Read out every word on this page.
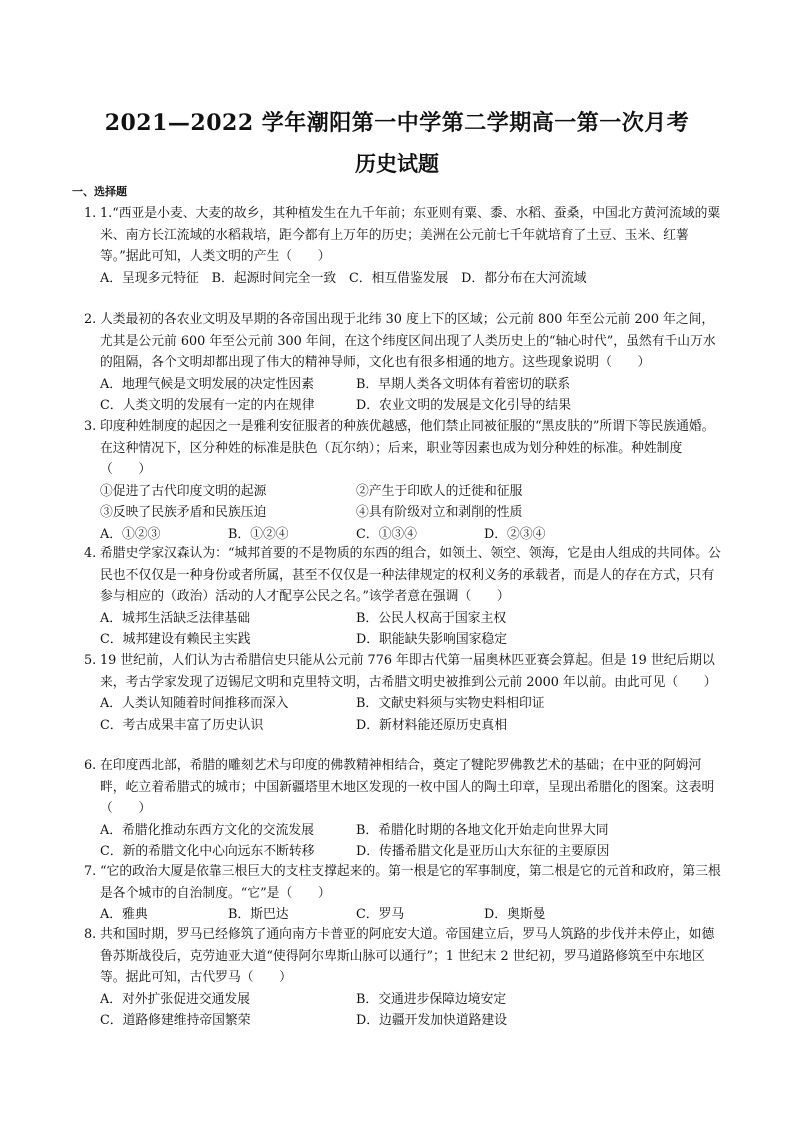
2021—2022 学年潮阳第一中学第二学期高一第一次月考
历史试题
一、选择题

1. 1.“西亚是小麦、大麦的故乡，其种植发生在九千年前；东亚则有粟、黍、水稻、蚕桑，中国北方黄河流域的粟米、南方长江流域的水稻栽培，距今都有上万年的历史；美洲在公元前七千年就培育了土豆、玉米、红薯等。”据此可知，人类文明的产生（　　）

A．呈现多元特征　B．起源时间完全一致　C．相互借鉴发展　D．都分布在大河流域

2. 人类最初的各农业文明及早期的各帝国出现于北纬 30 度上下的区域；公元前 800 年至公元前 200 年之间，尤其是公元前 600 年至公元前 300 年间，在这个纬度区间出现了人类历史上的“轴心时代”，虽然有千山万水的阻隔，各个文明却都出现了伟大的精神导师，文化也有很多相通的地方。这些现象说明（　　）

A．地理气候是文明发展的决定性因素	B．早期人类各文明体有着密切的联系
C．人类文明的发展有一定的内在规律	D．农业文明的发展是文化引导的结果

3. 印度种姓制度的起因之一是雅利安征服者的种族优越感，他们禁止同被征服的“黑皮肤的”所谓下等民族通婚。在这种情况下，区分种姓的标准是肤色（瓦尔纳）；后来，职业等因素也成为划分种姓的标准。种姓制度（　　）

①促进了古代印度文明的起源	②产生于印欧人的迁徙和征服
③反映了民族矛盾和民族压迫	④具有阶级对立和剥削的性质
A．①②③	B．①②④	C．①③④	D．②③④

4. 希腊史学家汉森认为：“城邦首要的不是物质的东西的组合，如领土、领空、领海，它是由人组成的共同体。公民也不仅仅是一种身份或者所属，甚至不仅仅是一种法律规定的权利义务的承载者，而是人的存在方式，只有参与相应的（政治）活动的人才配享公民之名。”该学者意在强调（　　）

A．城邦生活缺乏法律基础	B．公民人权高于国家主权
C．城邦建设有赖民主实践	D．职能缺失影响国家稳定

5. 19 世纪前，人们认为古希腊信史只能从公元前 776 年即古代第一届奥林匹亚赛会算起。但是 19 世纪后期以来，考古学家发现了迈锡尼文明和克里特文明，古希腊文明史被推到公元前 2000 年以前。由此可见（　　）

A．人类认知随着时间推移而深入	B．文献史料须与实物史料相印证
C．考古成果丰富了历史认识	D．新材料能还原历史真相

6. 在印度西北部，希腊的雕刻艺术与印度的佛教精神相结合，奠定了犍陀罗佛教艺术的基础；在中亚的阿姆河畔，屹立着希腊式的城市；中国新疆塔里木地区发现的一枚中国人的陶土印章，呈现出希腊化的图案。这表明（　　）

A．希腊化推动东西方文化的交流发展	B．希腊化时期的各地文化开始走向世界大同
C．新的希腊文化中心向远东不断转移	D．传播希腊文化是亚历山大东征的主要原因

7. “它的政治大厦是依靠三根巨大的支柱支撑起来的。第一根是它的军事制度，第二根是它的元首和政府，第三根是各个城市的自治制度。“它”是（　　）

A．雅典	B．斯巴达	C．罗马	D．奥斯曼

8. 共和国时期，罗马已经修筑了通向南方卡普亚的阿庇安大道。帝国建立后，罗马人筑路的步伐并未停止，如德鲁苏斯战役后，克劳迪亚大道“使得阿尔卑斯山脉可以通行”；1 世纪末 2 世纪初，罗马道路修筑至中东地区等。据此可知，古代罗马（　　）

A．对外扩张促进交通发展	B．交通进步保障边境安定
C．道路修建维持帝国繁荣	D．边疆开发加快道路建设
